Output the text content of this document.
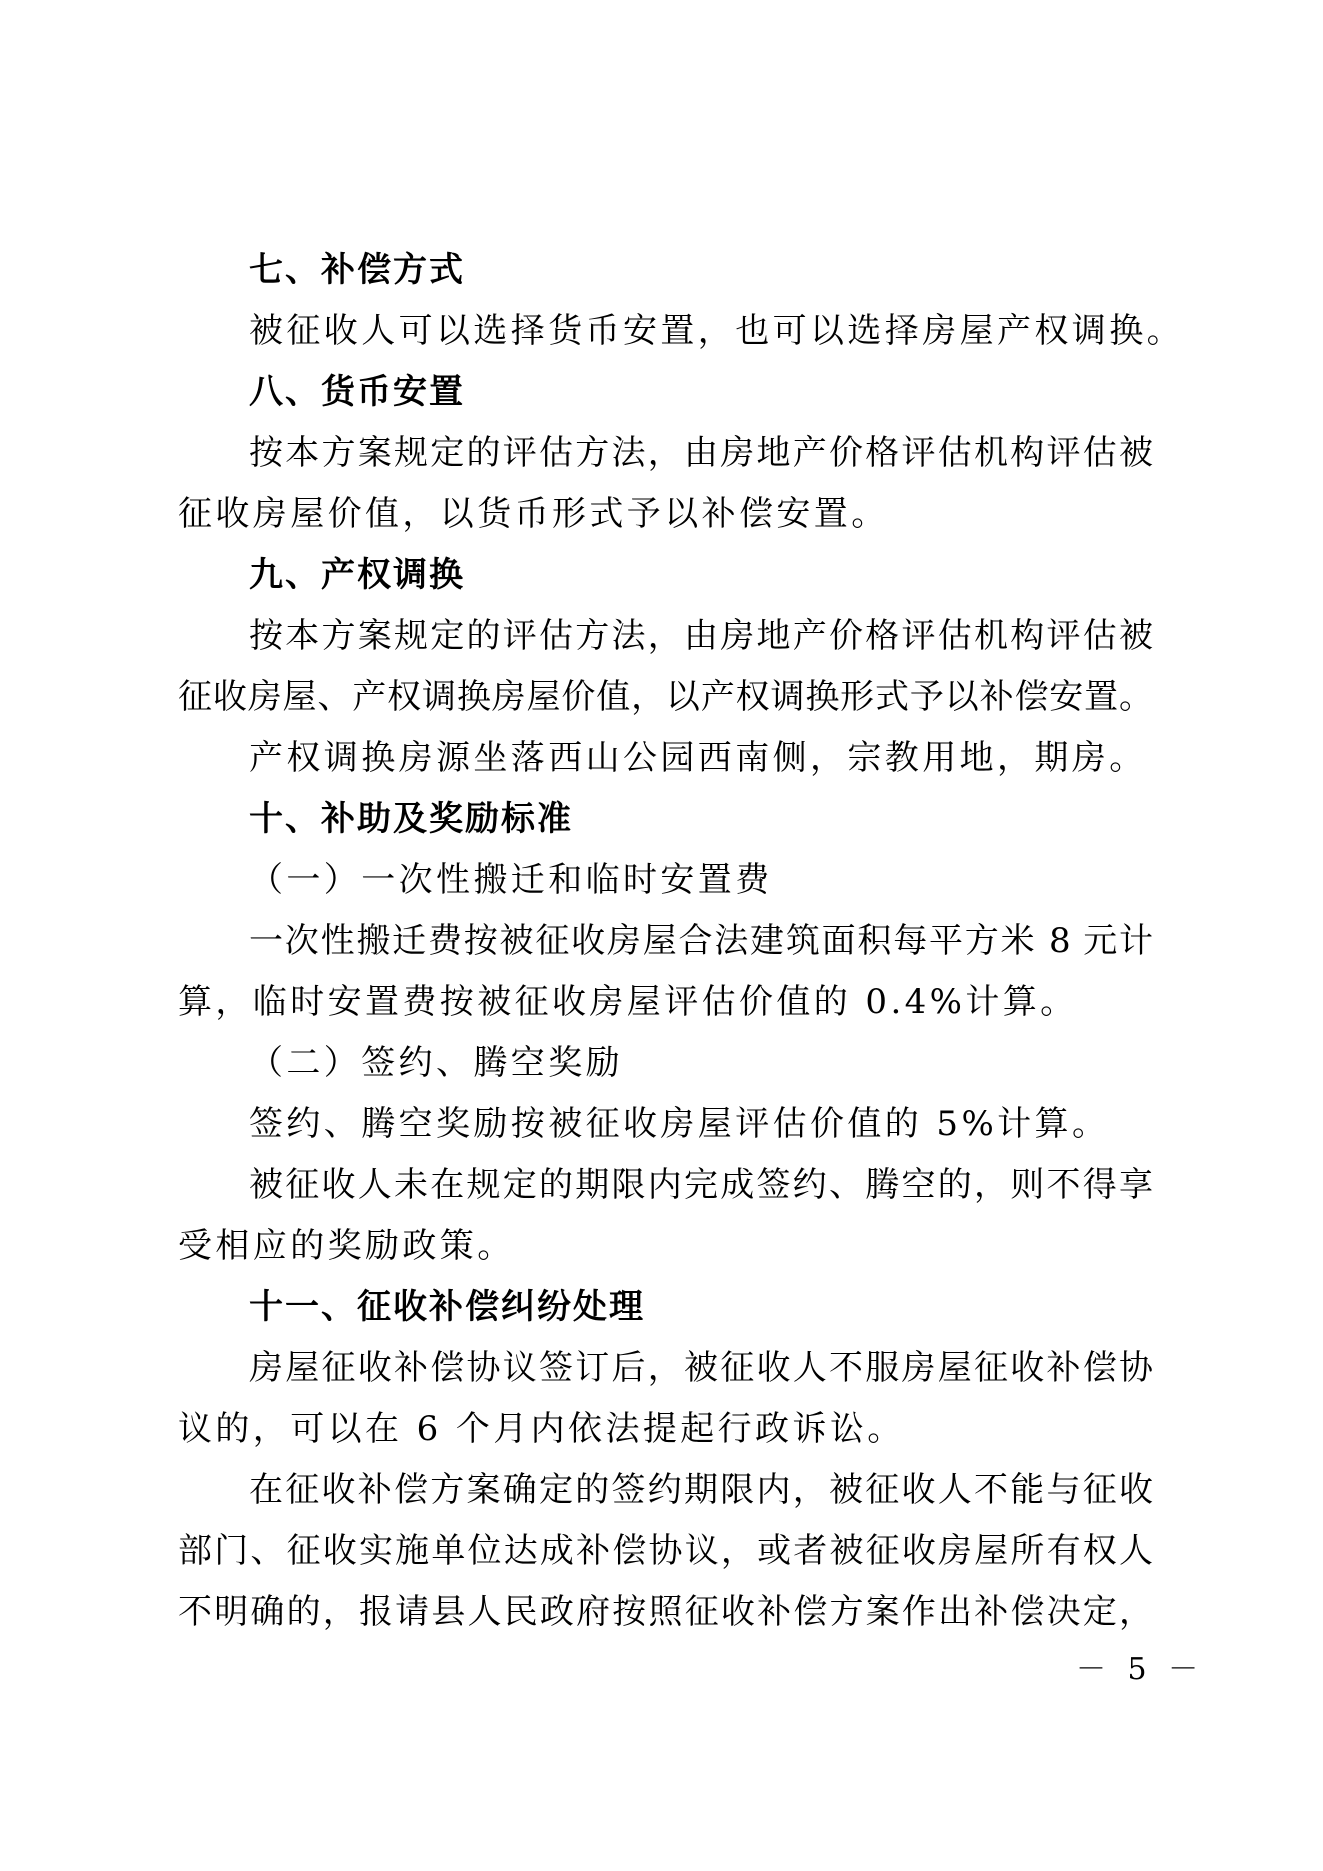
七、补偿方式
被征收人可以选择货币安置，也可以选择房屋产权调换。
八、货币安置
按本方案规定的评估方法，由房地产价格评估机构评估被
征收房屋价值，以货币形式予以补偿安置。
九、产权调换
按本方案规定的评估方法，由房地产价格评估机构评估被
征收房屋、产权调换房屋价值，以产权调换形式予以补偿安置。
产权调换房源坐落西山公园西南侧，宗教用地，期房。
十、补助及奖励标准
（一）一次性搬迁和临时安置费
一次性搬迁费按被征收房屋合法建筑面积每平方米 8 元计
算，临时安置费按被征收房屋评估价值的 0.4%计算。
（二）签约、腾空奖励
签约、腾空奖励按被征收房屋评估价值的 5%计算。
被征收人未在规定的期限内完成签约、腾空的，则不得享
受相应的奖励政策。
十一、征收补偿纠纷处理
房屋征收补偿协议签订后，被征收人不服房屋征收补偿协
议的，可以在 6 个月内依法提起行政诉讼。
在征收补偿方案确定的签约期限内，被征收人不能与征收
部门、征收实施单位达成补偿协议，或者被征收房屋所有权人
不明确的，报请县人民政府按照征收补偿方案作出补偿决定，
－ 5 －
